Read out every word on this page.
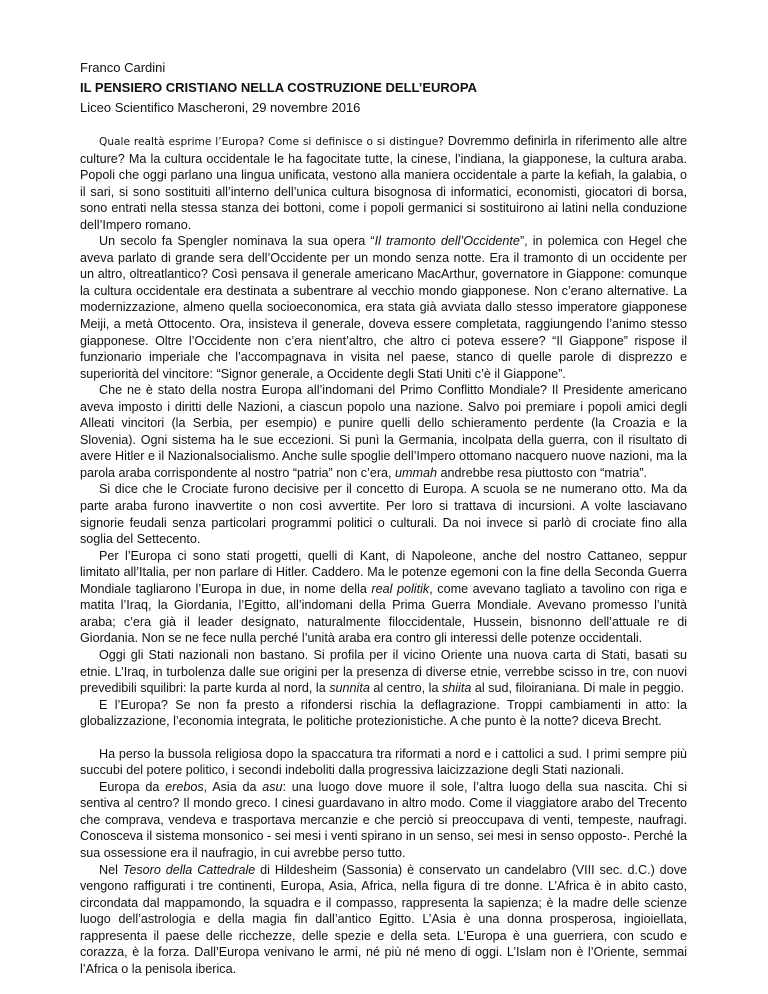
Franco Cardini
IL PENSIERO CRISTIANO NELLA COSTRUZIONE DELL’EUROPA
Liceo Scientifico Mascheroni, 29 novembre 2016

Quale realtà esprime l’Europa? Come si definisce o si distingue? Dovremmo definirla in riferimento alle altre culture? Ma la cultura occidentale le ha fagocitate tutte, la cinese, l’indiana, la giapponese, la cultura araba. Popoli che oggi parlano una lingua unificata, vestono alla maniera occidentale a parte la kefiah, la galabia, o il sari, si sono sostituiti all’interno dell’unica cultura bisognosa di informatici, economisti, giocatori di borsa, sono entrati nella stessa stanza dei bottoni, come i popoli germanici si sostituirono ai latini nella conduzione dell’Impero romano.

Un secolo fa Spengler nominava la sua opera “Il tramonto dell’Occidente”, in polemica con Hegel che aveva parlato di grande sera dell’Occidente per un mondo senza notte. Era il tramonto di un occidente per un altro, oltreatlantico? Così pensava il generale americano MacArthur, governatore in Giappone: comunque la cultura occidentale era destinata a subentrare al vecchio mondo giapponese. Non c’erano alternative. La modernizzazione, almeno quella socioeconomica, era stata già avviata dallo stesso imperatore giapponese Meiji, a metà Ottocento. Ora, insisteva il generale, doveva essere completata, raggiungendo l’animo stesso giapponese. Oltre l’Occidente non c’era nient’altro, che altro ci poteva essere? “Il Giappone” rispose il funzionario imperiale che l’accompagnava in visita nel paese, stanco di quelle parole di disprezzo e superiorità del vincitore: “Signor generale, a Occidente degli Stati Uniti c’è il Giappone”.

Che ne è stato della nostra Europa all’indomani del Primo Conflitto Mondiale? Il Presidente americano aveva imposto i diritti delle Nazioni, a ciascun popolo una nazione. Salvo poi premiare i popoli amici degli Alleati vincitori (la Serbia, per esempio) e punire quelli dello schieramento perdente (la Croazia e la Slovenia). Ogni sistema ha le sue eccezioni. Si punì la Germania, incolpata della guerra, con il risultato di avere Hitler e il Nazionalsocialismo. Anche sulle spoglie dell’Impero ottomano nacquero nuove nazioni, ma la parola araba corrispondente al nostro “patria” non c’era, ummah andrebbe resa piuttosto con “matria”.

Si dice che le Crociate furono decisive per il concetto di Europa. A scuola se ne numerano otto. Ma da parte araba furono inavvertite o non così avvertite. Per loro si trattava di incursioni. A volte lasciavano signorie feudali senza particolari programmi politici o culturali. Da noi invece si parlò di crociate fino alla soglia del Settecento.

Per l’Europa ci sono stati progetti, quelli di Kant, di Napoleone, anche del nostro Cattaneo, seppur limitato all’Italia, per non parlare di Hitler. Caddero. Ma le potenze egemoni con la fine della Seconda Guerra Mondiale tagliarono l’Europa in due, in nome della real politik, come avevano tagliato a tavolino con riga e matita l’Iraq, la Giordania, l’Egitto, all’indomani della Prima Guerra Mondiale. Avevano promesso l’unità araba; c’era già il leader designato, naturalmente filoccidentale, Hussein, bisnonno dell’attuale re di Giordania. Non se ne fece nulla perché l’unità araba era contro gli interessi delle potenze occidentali.

Oggi gli Stati nazionali non bastano. Si profila per il vicino Oriente una nuova carta di Stati, basati su etnie. L’Iraq, in turbolenza dalle sue origini per la presenza di diverse etnie, verrebbe scisso in tre, con nuovi prevedibili squilibri: la parte kurda al nord, la sunnita al centro, la shiita al sud, filoiraniana. Di male in peggio.

E l’Europa? Se non fa presto a rifondersi rischia la deflagrazione. Troppi cambiamenti in atto: la globalizzazione, l’economia integrata, le politiche protezionistiche. A che punto è la notte? diceva Brecht.

Ha perso la bussola religiosa dopo la spaccatura tra riformati a nord e i cattolici a sud. I primi sempre più succubi del potere politico, i secondi indeboliti dalla progressiva laicizzazione degli Stati nazionali.

Europa da erebos, Asia da asu: una luogo dove muore il sole, l’altra luogo della sua nascita. Chi si sentiva al centro? Il mondo greco. I cinesi guardavano in altro modo. Come il viaggiatore arabo del Trecento che comprava, vendeva e trasportava mercanzie e che perciò si preoccupava di venti, tempeste, naufragi. Conosceva il sistema monsonico - sei mesi i venti spirano in un senso, sei mesi in senso opposto-. Perché la sua ossessione era il naufragio, in cui avrebbe perso tutto.

Nel Tesoro della Cattedrale di Hildesheim (Sassonia) è conservato un candelabro (VIII sec. d.C.) dove vengono raffigurati i tre continenti, Europa, Asia, Africa, nella figura di tre donne. L’Africa è in abito casto, circondata dal mappamondo, la squadra e il compasso, rappresenta la sapienza; è la madre delle scienze luogo dell’astrologia e della magia fin dall’antico Egitto. L’Asia è una donna prosperosa, ingioiellata, rappresenta il paese delle ricchezze, delle spezie e della seta. L’Europa è una guerriera, con scudo e corazza, è la forza. Dall’Europa venivano le armi, né più né meno di oggi. L’Islam non è l’Oriente, semmai l’Africa o la penisola iberica.
